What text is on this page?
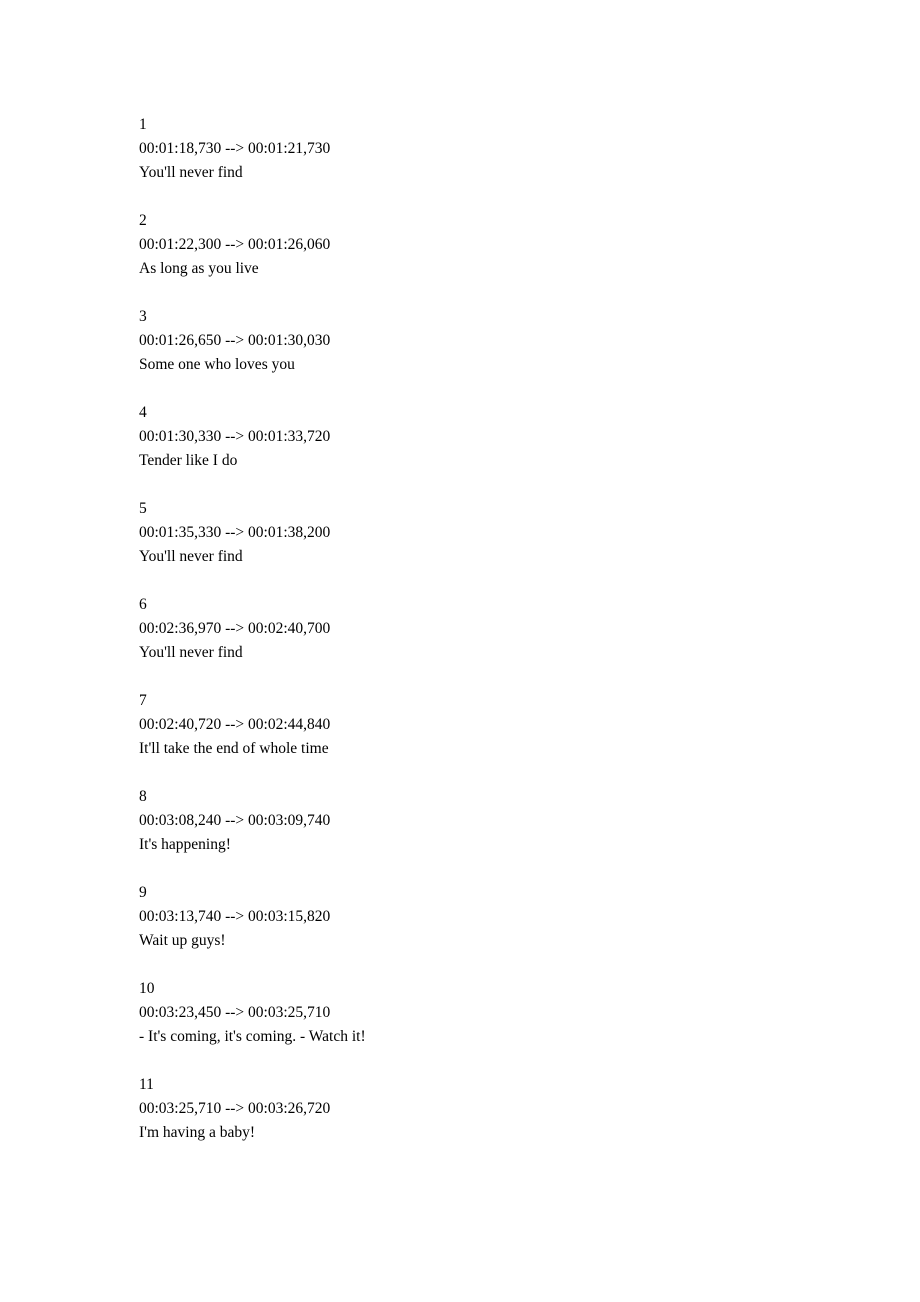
1
00:01:18,730 --> 00:01:21,730
You'll never find
2
00:01:22,300 --> 00:01:26,060
As long as you live
3
00:01:26,650 --> 00:01:30,030
Some one who loves you
4
00:01:30,330 --> 00:01:33,720
Tender like I do
5
00:01:35,330 --> 00:01:38,200
You'll never find
6
00:02:36,970 --> 00:02:40,700
You'll never find
7
00:02:40,720 --> 00:02:44,840
It'll take the end of whole time
8
00:03:08,240 --> 00:03:09,740
It's happening!
9
00:03:13,740 --> 00:03:15,820
Wait up guys!
10
00:03:23,450 --> 00:03:25,710
- It's coming, it's coming. - Watch it!
11
00:03:25,710 --> 00:03:26,720
I'm having a baby!
